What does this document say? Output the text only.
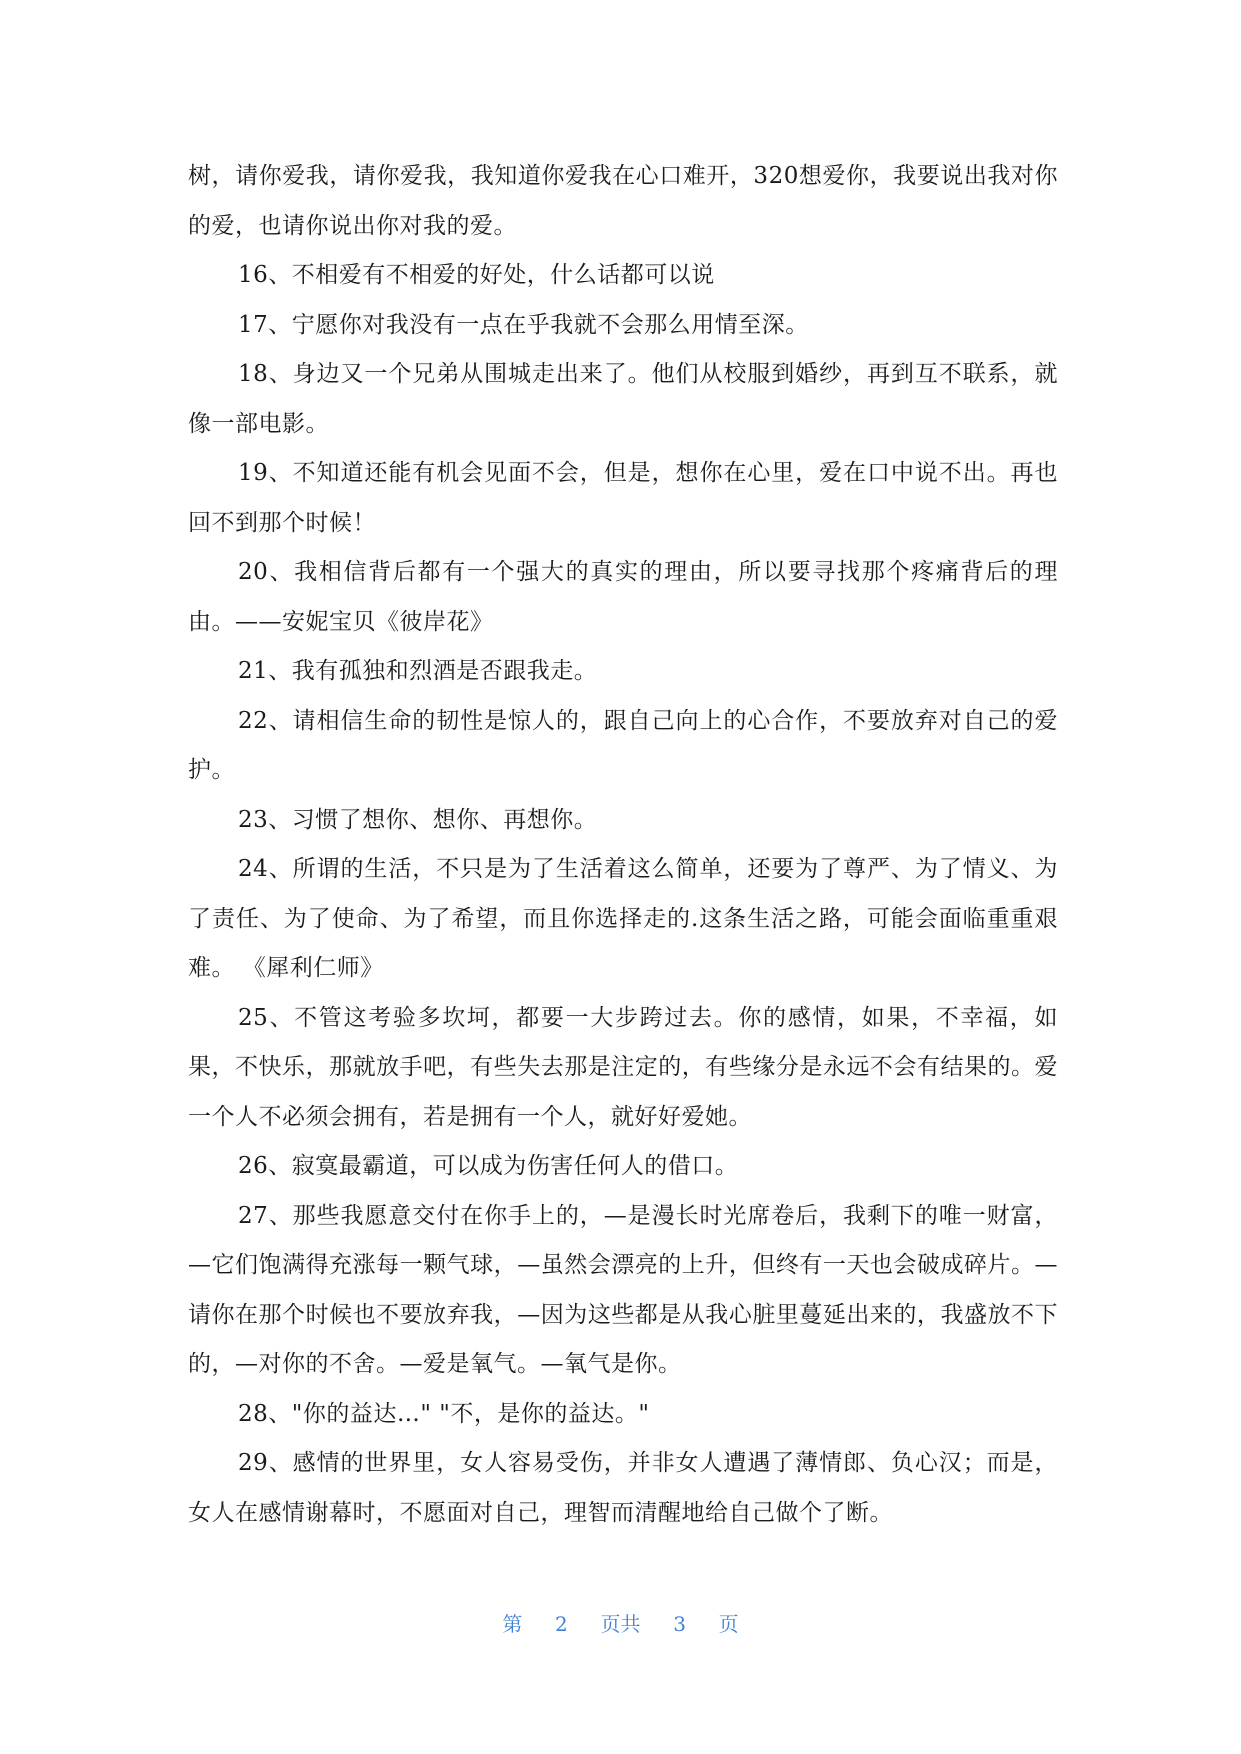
树，请你爱我，请你爱我，我知道你爱我在心口难开，320想爱你，我要说出我对你的爱，也请你说出你对我的爱。

16、不相爱有不相爱的好处，什么话都可以说

17、宁愿你对我没有一点在乎我就不会那么用情至深。

18、身边又一个兄弟从围城走出来了。他们从校服到婚纱，再到互不联系，就像一部电影。

19、不知道还能有机会见面不会，但是，想你在心里，爱在口中说不出。再也回不到那个时候！

20、我相信背后都有一个强大的真实的理由，所以要寻找那个疼痛背后的理由。——安妮宝贝《彼岸花》

21、我有孤独和烈酒是否跟我走。

22、请相信生命的韧性是惊人的，跟自己向上的心合作，不要放弃对自己的爱护。

23、习惯了想你、想你、再想你。

24、所谓的生活，不只是为了生活着这么简单，还要为了尊严、为了情义、为了责任、为了使命、为了希望，而且你选择走的.这条生活之路，可能会面临重重艰难。 《犀利仁师》

25、不管这考验多坎坷，都要一大步跨过去。你的感情，如果，不幸福，如果，不快乐，那就放手吧，有些失去那是注定的，有些缘分是永远不会有结果的。爱一个人不必须会拥有，若是拥有一个人，就好好爱她。

26、寂寞最霸道，可以成为伤害任何人的借口。

27、那些我愿意交付在你手上的，—是漫长时光席卷后，我剩下的唯一财富，—它们饱满得充涨每一颗气球，—虽然会漂亮的上升，但终有一天也会破成碎片。—请你在那个时候也不要放弃我，—因为这些都是从我心脏里蔓延出来的，我盛放不下的，—对你的不舍。—爱是氧气。—氧气是你。

28、"你的益达…" "不，是你的益达。"

29、感情的世界里，女人容易受伤，并非女人遭遇了薄情郎、负心汉；而是，女人在感情谢幕时，不愿面对自己，理智而清醒地给自己做个了断。

第 2 页共 3 页
